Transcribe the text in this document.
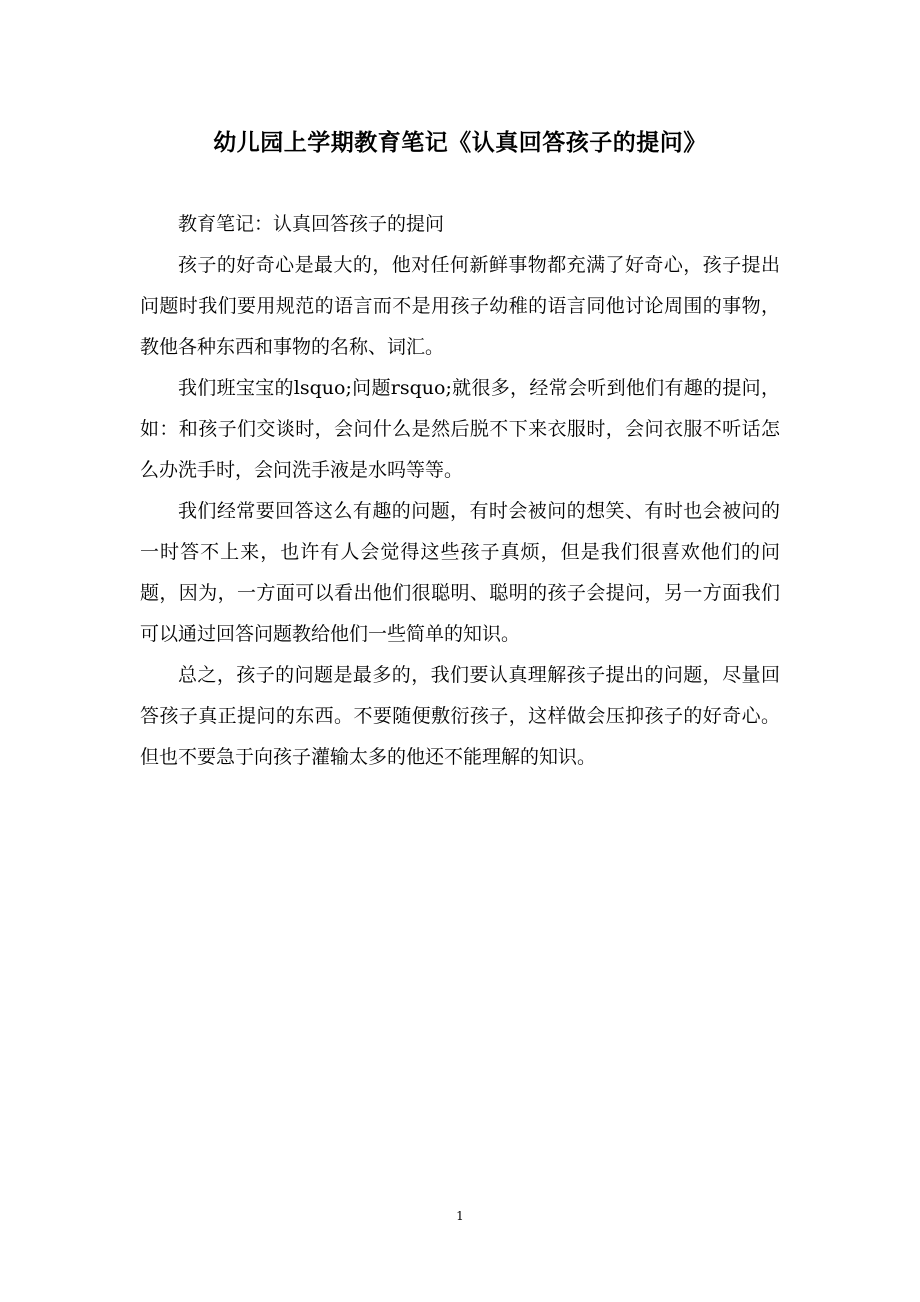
幼儿园上学期教育笔记《认真回答孩子的提问》

教育笔记：认真回答孩子的提问

孩子的好奇心是最大的，他对任何新鲜事物都充满了好奇心，孩子提出问题时我们要用规范的语言而不是用孩子幼稚的语言同他讨论周围的事物，教他各种东西和事物的名称、词汇。

我们班宝宝的lsquo;问题rsquo;就很多，经常会听到他们有趣的提问，如：和孩子们交谈时，会问什么是然后脱不下来衣服时，会问衣服不听话怎么办洗手时，会问洗手液是水吗等等。

我们经常要回答这么有趣的问题，有时会被问的想笑、有时也会被问的一时答不上来，也许有人会觉得这些孩子真烦，但是我们很喜欢他们的问题，因为，一方面可以看出他们很聪明、聪明的孩子会提问，另一方面我们可以通过回答问题教给他们一些简单的知识。

总之，孩子的问题是最多的，我们要认真理解孩子提出的问题，尽量回答孩子真正提问的东西。不要随便敷衍孩子，这样做会压抑孩子的好奇心。但也不要急于向孩子灌输太多的他还不能理解的知识。

1
